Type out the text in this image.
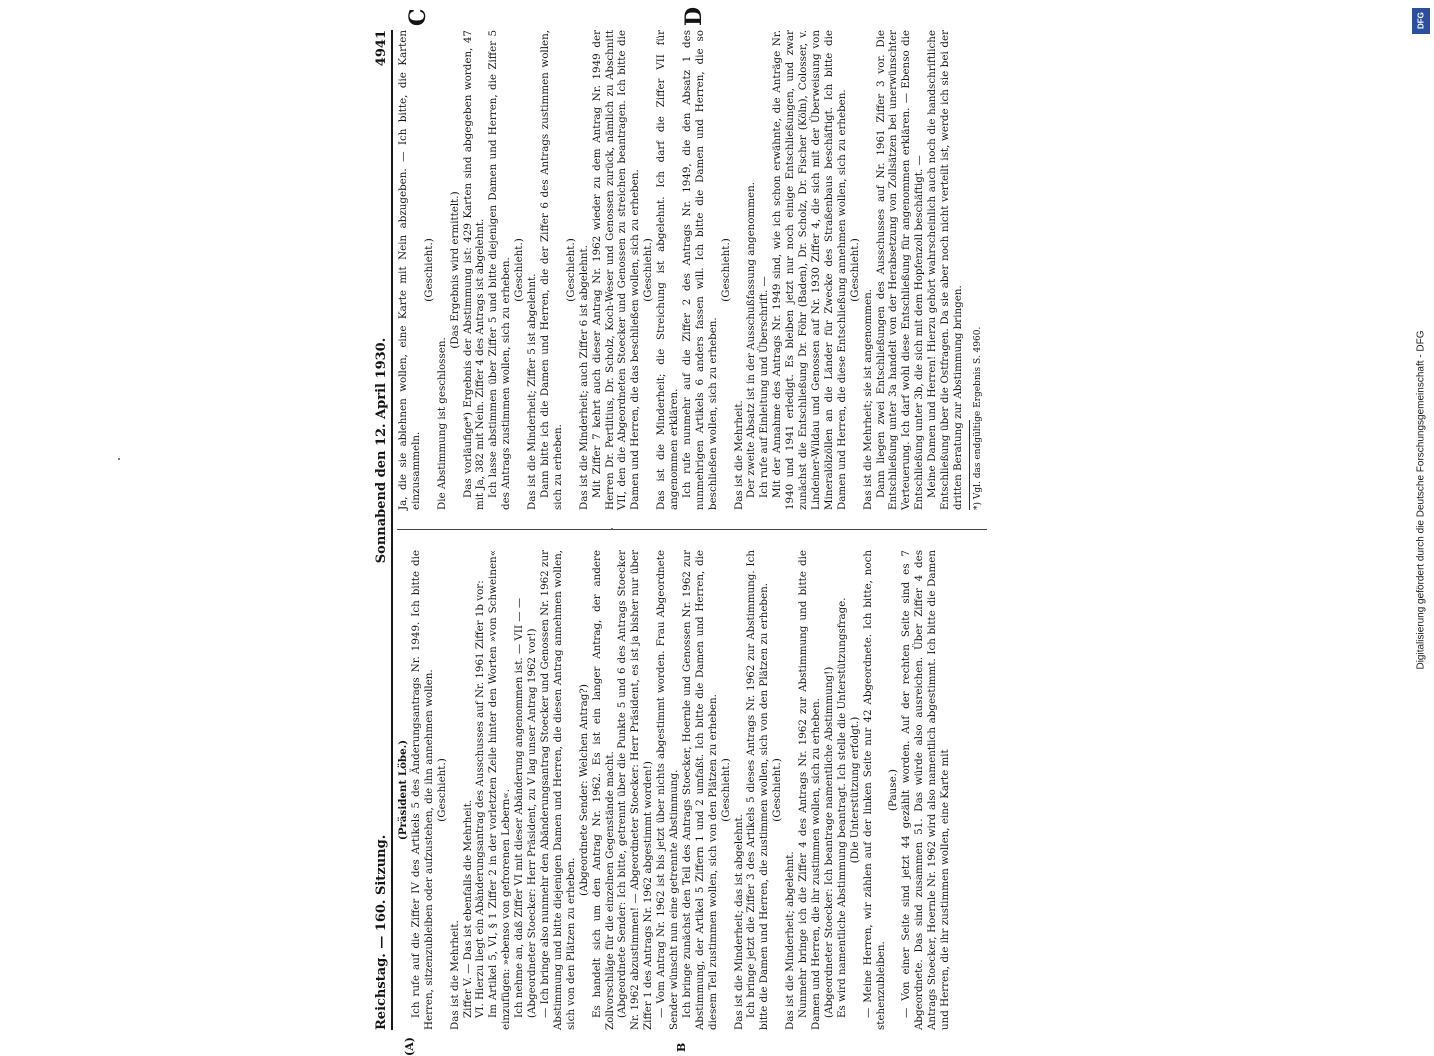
Reichstag. — 160. Sitzung.
Sonnabend den 12. April 1930.
4941
(A)	B
C	D

(Präsident Löbe.) Ich rufe auf die Ziffer IV des Artikels 5 des Änderungsantrags Nr. 1949. Ich bitte die Herren, sitzenzubleiben oder aufzustehen, die ihn annehmen wollen. (Geschieht.)

Das ist die Mehrheit. Ziffer V. — Das ist ebenfalls die Mehrheit. VI. Hierzu liegt ein Abänderungsantrag des Ausschusses auf Nr. 1961 Ziffer 1b vor: Im Artikel 5, VI, § 1 Ziffer 2 in der vorletzten Zeile hinter den Worten »von Schweinen« einzufügen: »ebenso von gefrorenen Lebern«. Ich nehme an, daß Ziffer VI mit dieser Abänderung angenommen ist. — VII — — (Abgeordneter Stoecker: Herr Präsident, zu V lag unser Antrag 1962 vor!) — Ich bringe also nunmehr den Abänderungsantrag Stoecker und Genossen Nr. 1962 zur Abstimmung und bitte diejenigen Damen und Herren, die diesen Antrag annehmen wollen, sich von den Plätzen zu erheben.

(Abgeordnete Sender: Welchen Antrag?) Es handelt sich um den Antrag Nr. 1962. Es ist ein langer Antrag, der andere Zollvorschläge für die einzelnen Gegenstände macht. (Abgeordnete Sender: Ich bitte, getrennt über die Punkte 5 und 6 des Antrags Stoecker Nr. 1962 abzustimmen! — Abgeordneter Stoecker: Herr Präsident, es ist ja bisher nur über Ziffer 1 des Antrags Nr. 1962 abgestimmt worden!) — Vom Antrag Nr. 1962 ist bis jetzt über nichts abgestimmt worden. Frau Abgeordnete Sender wünscht nun eine getrennte Abstimmung. Ich bringe zunächst den Teil des Antrags Stoecker, Hoernle und Genossen Nr. 1962 zur Abstimmung, der Artikel 5 Ziffern 1 und 2 umfaßt. Ich bitte die Damen und Herren, die diesem Teil zustimmen wollen, sich von den Plätzen zu erheben. (Geschieht.)

Das ist die Minderheit; das ist abgelehnt. Ich bringe jetzt die Ziffer 3 des Artikels 5 dieses Antrags Nr. 1962 zur Abstimmung. Ich bitte die Damen und Herren, die zustimmen wollen, sich von den Plätzen zu erheben. (Geschieht.)

Das ist die Minderheit; abgelehnt. Nunmehr bringe ich die Ziffer 4 des Antrags Nr. 1962 zur Abstimmung und bitte die Damen und Herren, die ihr zustimmen wollen, sich zu erheben. (Abgeordneter Stoecker: Ich beantrage namentliche Abstimmung!) Es wird namentliche Abstimmung beantragt. Ich stelle die Unterstützungsfrage. (Die Unterstützung erfolgt.) — Meine Herren, wir zählen auf der linken Seite nur 42 Abgeordnete. Ich bitte, noch stehenzubleiben.

(Pause.) — Von einer Seite sind jetzt 44 gezählt worden. Auf der rechten Seite sind es 7 Abgeordnete. Das sind zusammen 51. Das würde also ausreichen. Über Ziffer 4 des Antrags Stoecker, Hoernle Nr. 1962 wird also namentlich abgestimmt. Ich bitte die Damen und Herren, die ihr zustimmen wollen, eine Karte mit

Ja, die sie ablehnen wollen, eine Karte mit Nein abzugeben. — Ich bitte, die Karten einzusammeln.

(Geschieht.)

Die Abstimmung ist geschlossen.

(Das Ergebnis wird ermittelt.) Das vorläufige*) Ergebnis der Abstimmung ist: 429 Karten sind abgegeben worden, 47 mit Ja, 382 mit Nein. Ziffer 4 des Antrags ist abgelehnt. Ich lasse abstimmen über Ziffer 5 und bitte diejenigen Damen und Herren, die Ziffer 5 des Antrags zustimmen wollen, sich zu erheben. (Geschieht.)

Das ist die Minderheit; Ziffer 5 ist abgelehnt. Dann bitte ich die Damen und Herren, die der Ziffer 6 des Antrags zustimmen wollen, sich zu erheben.

(Geschieht.) Das ist die Minderheit; auch Ziffer 6 ist abgelehnt. Mit Ziffer 7 kehrt auch dieser Antrag Nr. 1962 wieder zu dem Antrag Nr. 1949 der Herren Dr. Pertlitius, Dr. Scholz, Koch-Weser und Genossen zurück, nämlich zu Abschnitt VII, den die Abgeordneten Stoecker und Genossen zu streichen beantragen. Ich bitte die Damen und Herren, die das beschließen wollen, sich zu erheben. (Geschieht.) Das ist die Minderheit; die Streichung ist abgelehnt. Ich darf die Ziffer VII für angenommen erklären. Ich rufe nunmehr auf die Ziffer 2 des Antrags Nr. 1949, die den Absatz 1 des nunmehrigen Artikels 6 anders fassen will. Ich bitte die Damen und Herren, die so beschließen wollen, sich zu erheben.

(Geschieht.)

Das ist die Mehrheit. Der zweite Absatz ist in der Ausschußfassung angenommen. Ich rufe auf Einleitung und Überschrift. — Mit der Annahme des Antrags Nr. 1949 sind, wie ich schon erwähnte, die Anträge Nr. 1940 und 1941 erledigt. Es bleiben jetzt nur noch einige Entschließungen, und zwar zunächst die Entschließung Dr. Föhr (Baden), Dr. Scholz, Dr. Fischer (Köln), Colosser, v. Lindeiner-Wildau und Genossen auf Nr. 1930 Ziffer 4, die sich mit der Überweisung von Mineralölzöllen an die Länder für Zwecke des Straßenbaus beschäftigt. Ich bitte die Damen und Herren, die diese Entschließung annehmen wollen, sich zu erheben. (Geschieht.)

Das ist die Mehrheit; sie ist angenommen. Dann liegen zwei Entschließungen des Ausschusses auf Nr. 1961 Ziffer 3 vor. Die Entschließung unter 3a handelt von der Herabsetzung von Zollsätzen bei unerwünschter Verteuerung. Ich darf wohl diese Entschließung für angenommen erklären. — Ebenso die Entschließung unter 3b, die sich mit dem Hopfenzoll beschäftigt. — Meine Damen und Herren! Hierzu gehört wahrscheinlich auch noch die handschriftliche Entschließung über die Ostfragen. Da sie aber noch nicht verteilt ist, werde ich sie bei der dritten Beratung zur Abstimmung bringen. *) Vgl. das endgültige Ergebnis S. 4960.

DFG
Digitalisierung gefördert durch die Deutsche Forschungsgemeinschaft - DFG
